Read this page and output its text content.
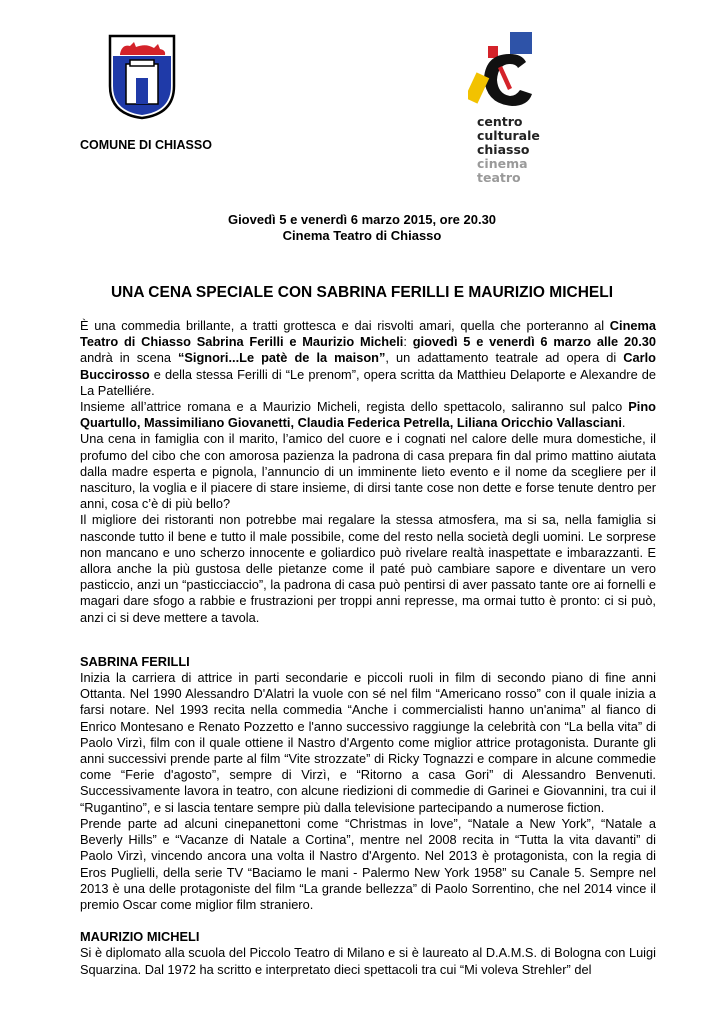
COMUNE DI CHIASSO
centro
culturale
chiasso
cinema
teatro
Giovedì 5 e venerdì 6 marzo 2015, ore 20.30
Cinema Teatro di Chiasso
UNA CENA SPECIALE CON SABRINA FERILLI E MAURIZIO MICHELI

È una commedia brillante, a tratti grottesca e dai risvolti amari, quella che porteranno al Cinema Teatro di Chiasso Sabrina Ferilli e Maurizio Micheli: giovedì 5 e venerdì 6 marzo alle 20.30 andrà in scena “Signori...Le patè de la maison”, un adattamento teatrale ad opera di Carlo Buccirosso e della stessa Ferilli di “Le prenom”, opera scritta da Matthieu Delaporte e Alexandre de La Patelliére.

Insieme all’attrice romana e a Maurizio Micheli, regista dello spettacolo, saliranno sul palco Pino Quartullo, Massimiliano Giovanetti, Claudia Federica Petrella, Liliana Oricchio Vallasciani.

Una cena in famiglia con il marito, l’amico del cuore e i cognati nel calore delle mura domestiche, il profumo del cibo che con amorosa pazienza la padrona di casa prepara fin dal primo mattino aiutata dalla madre esperta e pignola, l’annuncio di un imminente lieto evento e il nome da scegliere per il nascituro, la voglia e il piacere di stare insieme, di dirsi tante cose non dette e forse tenute dentro per anni, cosa c’è di più bello?

Il migliore dei ristoranti non potrebbe mai regalare la stessa atmosfera, ma si sa, nella famiglia si nasconde tutto il bene e tutto il male possibile, come del resto nella società degli uomini. Le sorprese non mancano e uno scherzo innocente e goliardico può rivelare realtà inaspettate e imbarazzanti. E allora anche la più gustosa delle pietanze come il paté può cambiare sapore e diventare un vero pasticcio, anzi un “pasticciaccio”, la padrona di casa può pentirsi di aver passato tante ore ai fornelli e magari dare sfogo a rabbie e frustrazioni per troppi anni represse, ma ormai tutto è pronto: ci si può, anzi ci si deve mettere a tavola.

SABRINA FERILLI

Inizia la carriera di attrice in parti secondarie e piccoli ruoli in film di secondo piano di fine anni Ottanta. Nel 1990 Alessandro D'Alatri la vuole con sé nel film “Americano rosso” con il quale inizia a farsi notare. Nel 1993 recita nella commedia “Anche i commercialisti hanno un'anima” al fianco di Enrico Montesano e Renato Pozzetto e l'anno successivo raggiunge la celebrità con “La bella vita” di Paolo Virzì, film con il quale ottiene il Nastro d'Argento come miglior attrice protagonista. Durante gli anni successivi prende parte al film “Vite strozzate” di Ricky Tognazzi e compare in alcune commedie come “Ferie d'agosto”, sempre di Virzì, e “Ritorno a casa Gori” di Alessandro Benvenuti. Successivamente lavora in teatro, con alcune riedizioni di commedie di Garinei e Giovannini, tra cui il “Rugantino”, e si lascia tentare sempre più dalla televisione partecipando a numerose fiction.

Prende parte ad alcuni cinepanettoni come “Christmas in love”, “Natale a New York”, “Natale a Beverly Hills” e “Vacanze di Natale a Cortina”, mentre nel 2008 recita in “Tutta la vita davanti” di Paolo Virzì, vincendo ancora una volta il Nastro d'Argento. Nel 2013 è protagonista, con la regia di Eros Puglielli, della serie TV “Baciamo le mani - Palermo New York 1958” su Canale 5. Sempre nel 2013 è una delle protagoniste del film “La grande bellezza” di Paolo Sorrentino, che nel 2014 vince il premio Oscar come miglior film straniero.

MAURIZIO MICHELI

Si è diplomato alla scuola del Piccolo Teatro di Milano e si è laureato al D.A.M.S. di Bologna con Luigi Squarzina. Dal 1972 ha scritto e interpretato dieci spettacoli tra cui “Mi voleva Strehler” del
